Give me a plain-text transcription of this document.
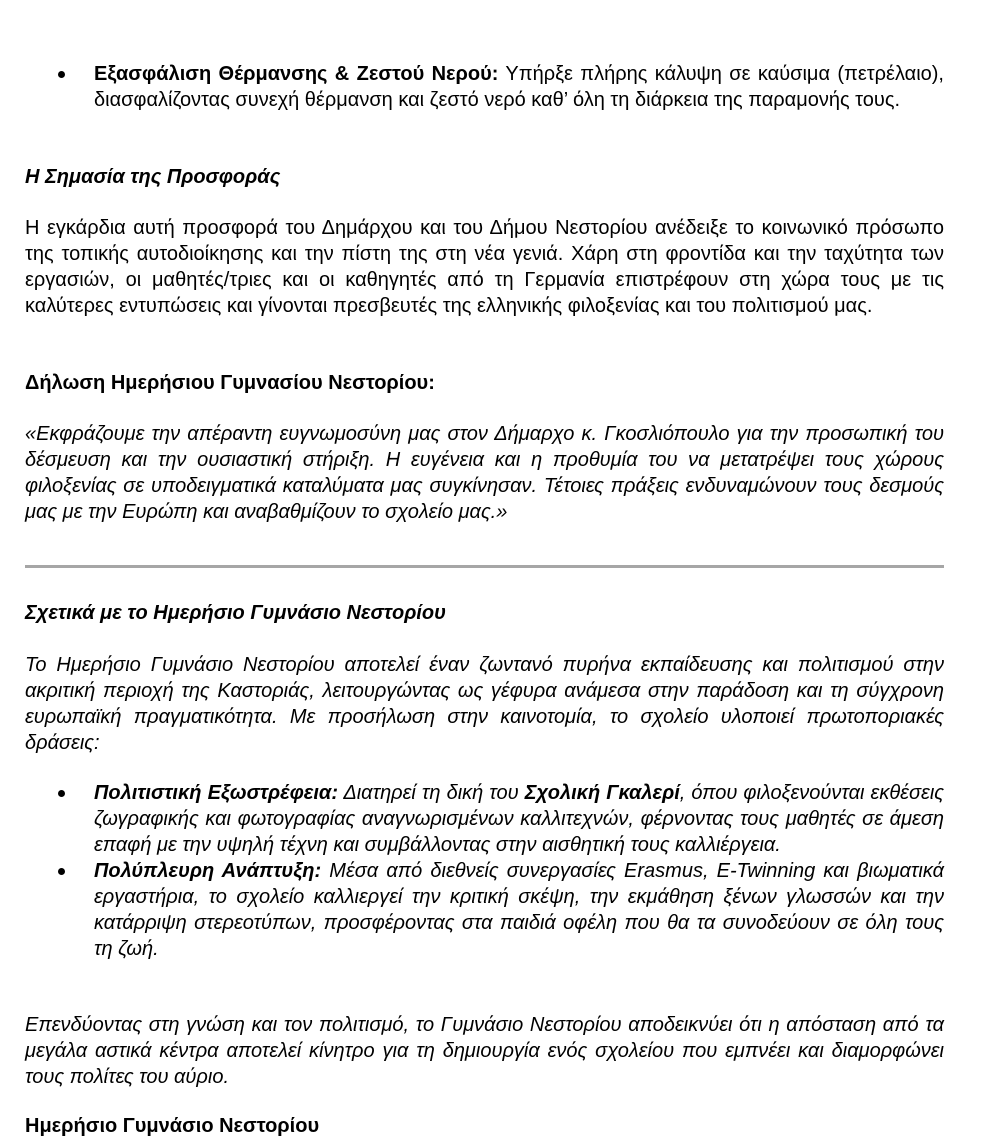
Εξασφάλιση Θέρμανσης & Ζεστού Νερού: Υπήρξε πλήρης κάλυψη σε καύσιμα (πετρέλαιο), διασφαλίζοντας συνεχή θέρμανση και ζεστό νερό καθ’ όλη τη διάρκεια της παραμονής τους.
Η Σημασία της Προσφοράς

Η εγκάρδια αυτή προσφορά του Δημάρχου και του Δήμου Νεστορίου ανέδειξε το κοινωνικό πρόσωπο της τοπικής αυτοδιοίκησης και την πίστη της στη νέα γενιά. Χάρη στη φροντίδα και την ταχύτητα των εργασιών, οι μαθητές/τριες και οι καθηγητές από τη Γερμανία επιστρέφουν στη χώρα τους με τις καλύτερες εντυπώσεις και γίνονται πρεσβευτές της ελληνικής φιλοξενίας και του πολιτισμού μας.

Δήλωση Ημερήσιου Γυμνασίου Νεστορίου:

«Εκφράζουμε την απέραντη ευγνωμοσύνη μας στον Δήμαρχο κ. Γκοσλιόπουλο για την προσωπική του δέσμευση και την ουσιαστική στήριξη. Η ευγένεια και η προθυμία του να μετατρέψει τους χώρους φιλοξενίας σε υποδειγματικά καταλύματα μας συγκίνησαν. Τέτοιες πράξεις ενδυναμώνουν τους δεσμούς μας με την Ευρώπη και αναβαθμίζουν το σχολείο μας.»

Σχετικά με το Ημερήσιο Γυμνάσιο Νεστορίου

Το Ημερήσιο Γυμνάσιο Νεστορίου αποτελεί έναν ζωντανό πυρήνα εκπαίδευσης και πολιτισμού στην ακριτική περιοχή της Καστοριάς, λειτουργώντας ως γέφυρα ανάμεσα στην παράδοση και τη σύγχρονη ευρωπαϊκή πραγματικότητα. Με προσήλωση στην καινοτομία, το σχολείο υλοποιεί πρωτοποριακές δράσεις:

Πολιτιστική Εξωστρέφεια: Διατηρεί τη δική του Σχολική Γκαλερί, όπου φιλοξενούνται εκθέσεις ζωγραφικής και φωτογραφίας αναγνωρισμένων καλλιτεχνών, φέρνοντας τους μαθητές σε άμεση επαφή με την υψηλή τέχνη και συμβάλλοντας στην αισθητική τους καλλιέργεια.
Πολύπλευρη Ανάπτυξη: Μέσα από διεθνείς συνεργασίες Erasmus, E-Twinning και βιωματικά εργαστήρια, το σχολείο καλλιεργεί την κριτική σκέψη, την εκμάθηση ξένων γλωσσών και την κατάρριψη στερεοτύπων, προσφέροντας στα παιδιά οφέλη που θα τα συνοδεύουν σε όλη τους τη ζωή.

Επενδύοντας στη γνώση και τον πολιτισμό, το Γυμνάσιο Νεστορίου αποδεικνύει ότι η απόσταση από τα μεγάλα αστικά κέντρα αποτελεί κίνητρο για τη δημιουργία ενός σχολείου που εμπνέει και διαμορφώνει τους πολίτες του αύριο.

Ημερήσιο Γυμνάσιο Νεστορίου
